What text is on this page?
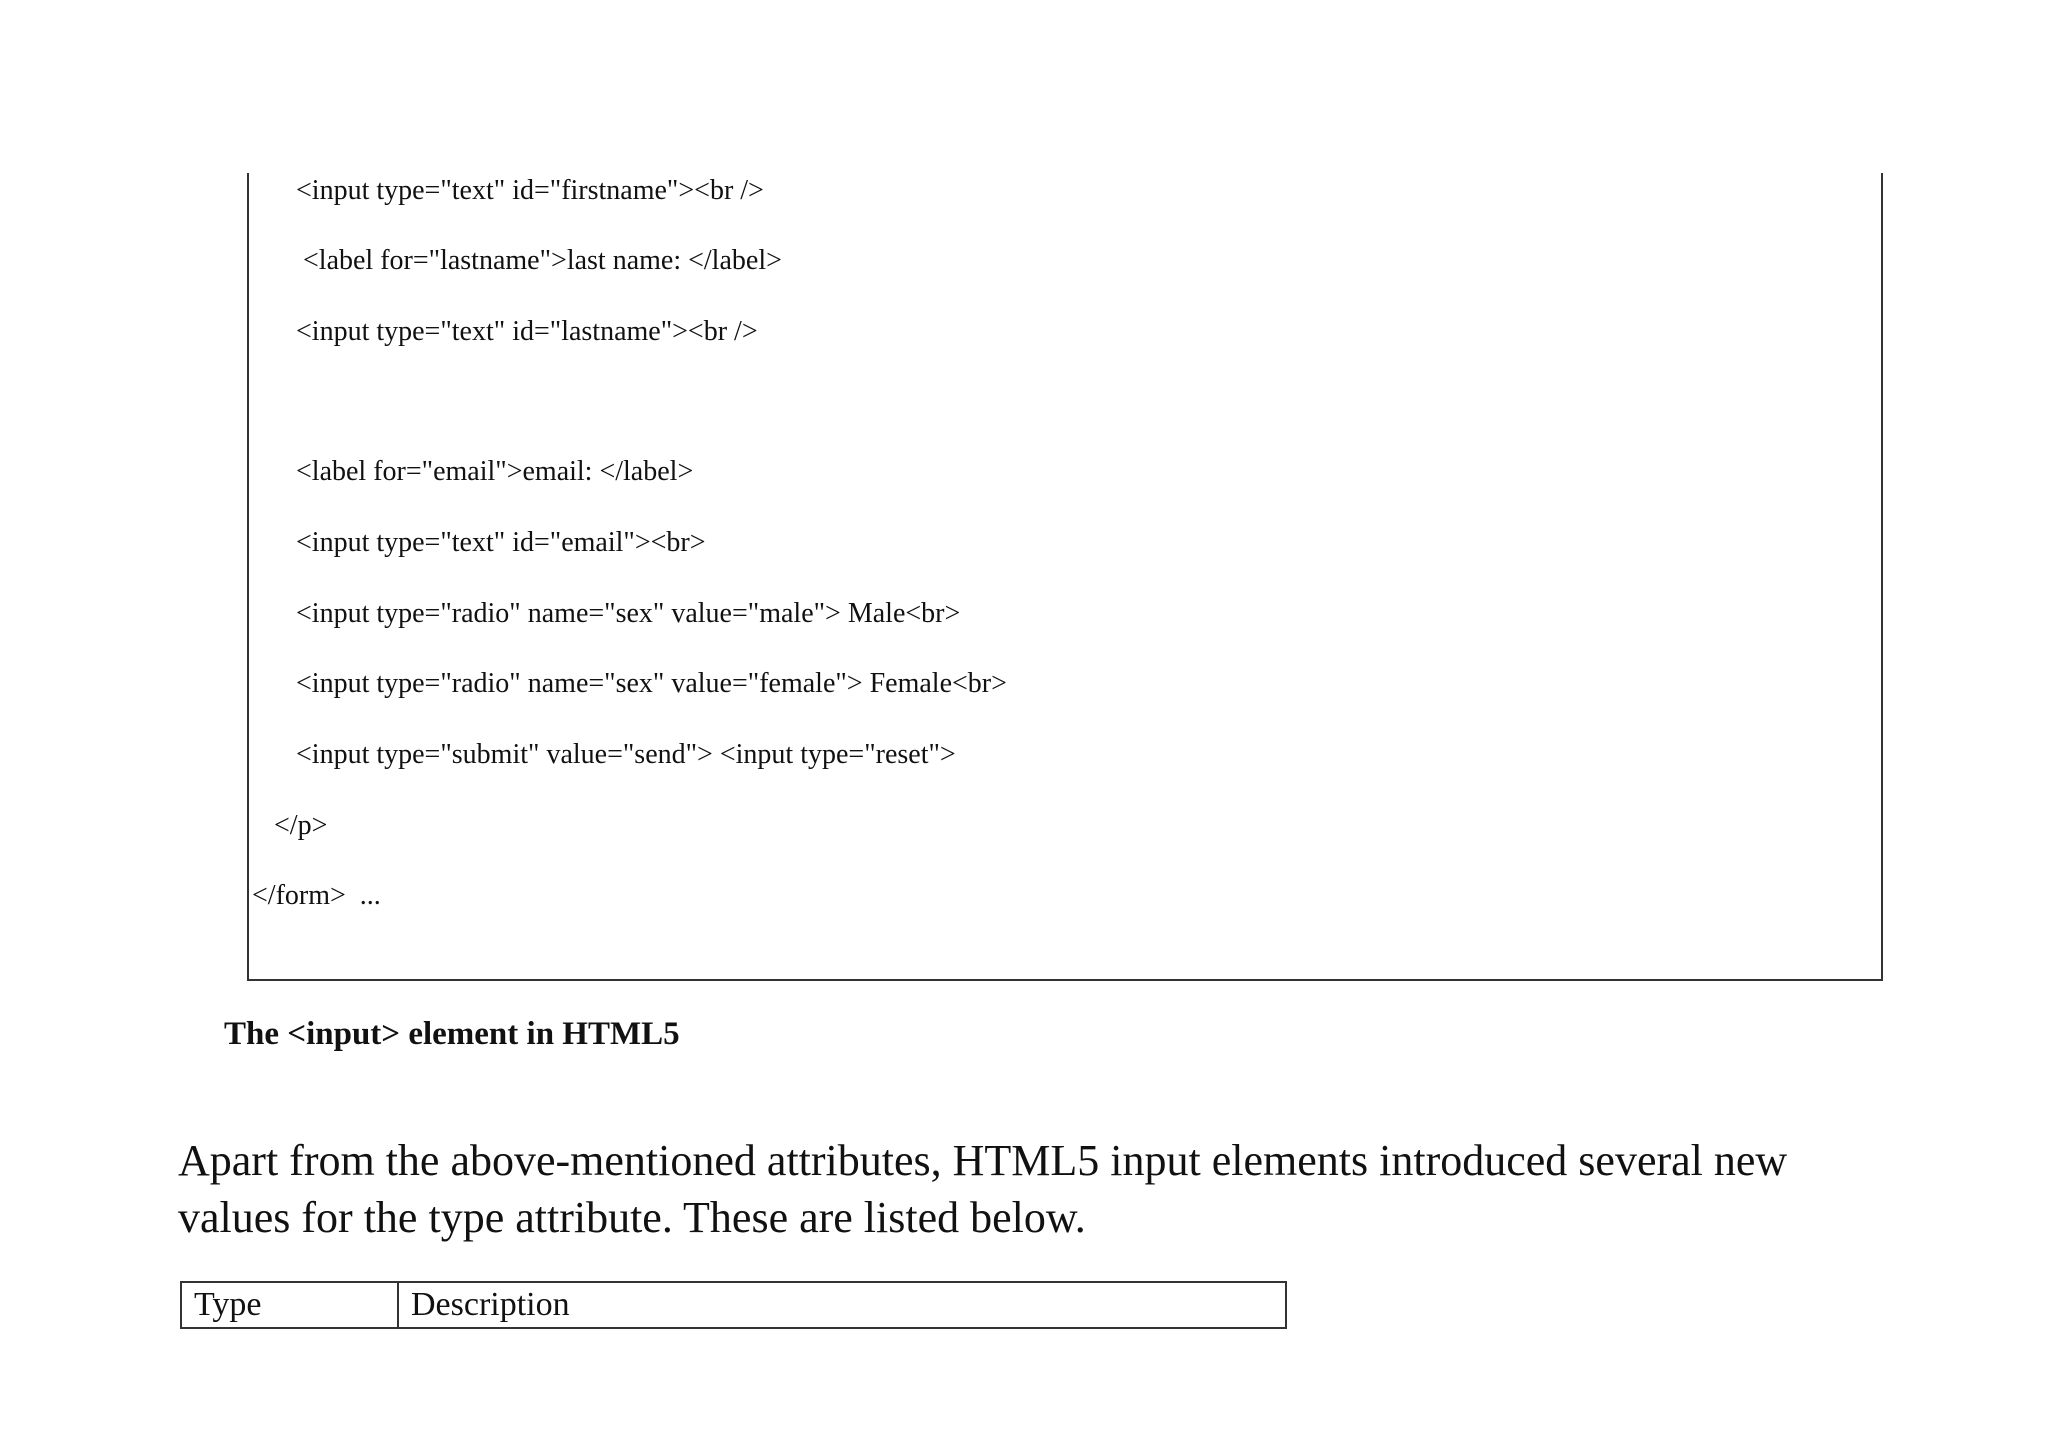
<input type="text" id="firstname"><br />
<label for="lastname">last name: </label>
<input type="text" id="lastname"><br />
<label for="email">email: </label>
<input type="text" id="email"><br>
<input type="radio" name="sex" value="male"> Male<br>
<input type="radio" name="sex" value="female"> Female<br>
<input type="submit" value="send"> <input type="reset">
</p>
</form>  ...
The <input> element in HTML5

Apart from the above-mentioned attributes, HTML5 input elements introduced several new values for the type attribute. These are listed below.

Type	Description
